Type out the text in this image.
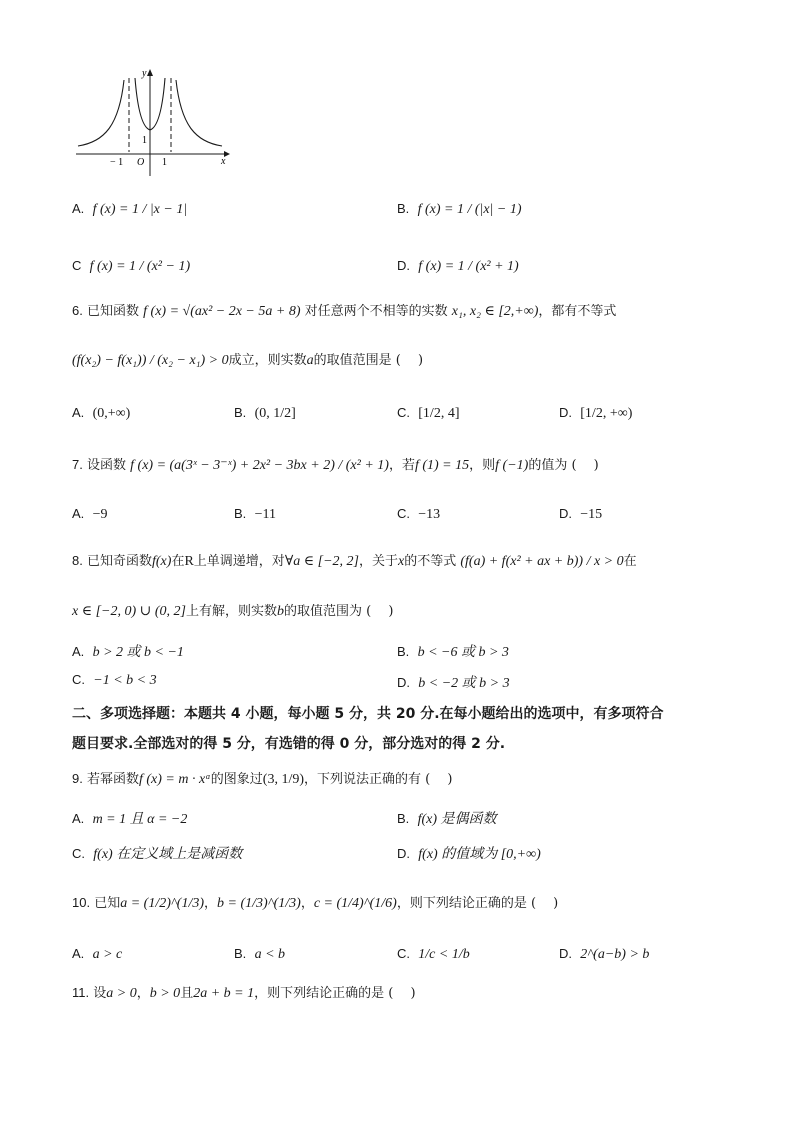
y
x
O
− 1	1
1
A. f (x) = 1 / |x − 1|	B. f (x) = 1 / (|x| − 1)
C f (x) = 1 / (x² − 1)	D. f (x) = 1 / (x² + 1)
6. 已知函数 f (x) = √(ax² − 2x − 5a + 8) 对任意两个不相等的实数 x₁, x₂ ∈ [2,+∞)，都有不等式
(f(x₂) − f(x₁)) / (x₂ − x₁) > 0成立，则实数a的取值范围是 (　 )
A. (0,+∞)	B. (0, 1/2]	C. [1/2, 4]	D. [1/2, +∞)
7. 设函数 f (x) = (a(3ˣ − 3⁻ˣ) + 2x² − 3bx + 2) / (x² + 1)，若f (1) = 15，则f (−1)的值为 (　 )
A. −9	B. −11	C. −13	D. −15
8. 已知奇函数f(x)在R上单调递增，对∀a ∈ [−2, 2]，关于x的不等式 (f(a) + f(x² + ax + b)) / x > 0在
x ∈ [−2, 0) ∪ (0, 2]上有解，则实数b的取值范围为 (　 )
A. b > 2 或 b < −1	B. b < −6 或 b > 3
C. −1 < b < 3	D. b < −2 或 b > 3
二、多项选择题：本题共 4 小题，每小题 5 分，共 20 分.在每小题给出的选项中，有多项符合
题目要求.全部选对的得 5 分，有选错的得 0 分，部分选对的得 2 分.
9. 若幂函数f (x) = m · xᵅ的图象过(3, 1/9)，下列说法正确的有 (　 )
A. m = 1 且 α = −2	B. f(x) 是偶函数
C. f(x) 在定义域上是减函数	D. f(x) 的值域为 [0,+∞)
10. 已知a = (1/2)^(1/3)，b = (1/3)^(1/3)，c = (1/4)^(1/6)，则下列结论正确的是 (　 )
A. a > c	B. a < b	C. 1/c < 1/b	D. 2^(a−b) > b
11. 设a > 0，b > 0且2a + b = 1，则下列结论正确的是 (　 )
